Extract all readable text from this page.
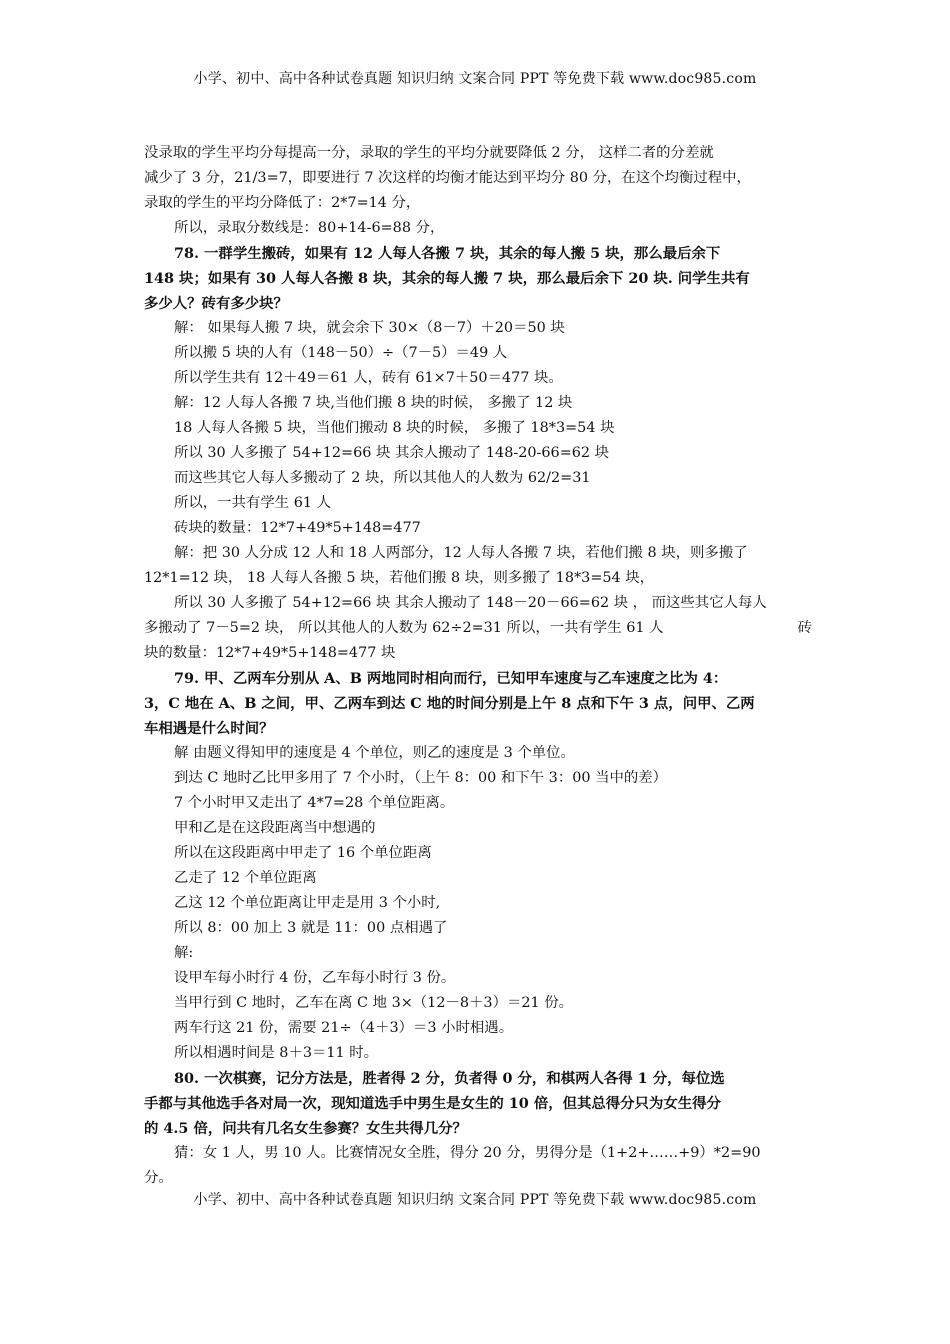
小学、初中、高中各种试卷真题 知识归纳 文案合同 PPT 等免费下载 www.doc985.com
没录取的学生平均分每提高一分，录取的学生的平均分就要降低 2 分， 这样二者的分差就
减少了 3 分，21/3=7，即要进行 7 次这样的均衡才能达到平均分 80 分，在这个均衡过程中，
录取的学生的平均分降低了：2*7=14 分，
所以，录取分数线是：80+14-6=88 分，
78. 一群学生搬砖，如果有 12 人每人各搬 7 块，其余的每人搬 5 块，那么最后余下
148 块；如果有 30 人每人各搬 8 块，其余的每人搬 7 块，那么最后余下 20 块. 问学生共有
多少人？砖有多少块？
解： 如果每人搬 7 块，就会余下 30×（8－7）＋20＝50 块
所以搬 5 块的人有（148－50）÷（7－5）＝49 人
所以学生共有 12＋49＝61 人，砖有 61×7＋50＝477 块。
解：12 人每人各搬 7 块,当他们搬 8 块的时候， 多搬了 12 块
18 人每人各搬 5 块，当他们搬动 8 块的时候， 多搬了 18*3=54 块
所以 30 人多搬了 54+12=66 块 其余人搬动了 148-20-66=62 块
而这些其它人每人多搬动了 2 块，所以其他人的人数为 62/2=31
所以，一共有学生 61 人
砖块的数量：12*7+49*5+148=477
解：把 30 人分成 12 人和 18 人两部分，12 人每人各搬 7 块，若他们搬 8 块，则多搬了
12*1=12 块， 18 人每人各搬 5 块，若他们搬 8 块，则多搬了 18*3=54 块，
所以 30 人多搬了 54+12=66 块 其余人搬动了 148－20－66=62 块 ， 而这些其它人每人
多搬动了 7－5=2 块， 所以其他人的人数为 62÷2=31 所以，一共有学生 61 人	砖
块的数量：12*7+49*5+148=477 块
79. 甲、乙两车分别从 A、B 两地同时相向而行，已知甲车速度与乙车速度之比为 4：
3，C 地在 A、B 之间，甲、乙两车到达 C 地的时间分别是上午 8 点和下午 3 点，问甲、乙两
车相遇是什么时间？
解 由题义得知甲的速度是 4 个单位，则乙的速度是 3 个单位。
到达 C 地时乙比甲多用了 7 个小时，（上午 8：00 和下午 3：00 当中的差）
7 个小时甲又走出了 4*7=28 个单位距离。
甲和乙是在这段距离当中想遇的
所以在这段距离中甲走了 16 个单位距离
乙走了 12 个单位距离
乙这 12 个单位距离让甲走是用 3 个小时,
所以 8：00 加上 3 就是 11：00 点相遇了
解:
设甲车每小时行 4 份，乙车每小时行 3 份。
当甲行到 C 地时，乙车在离 C 地 3×（12－8＋3）＝21 份。
两车行这 21 份，需要 21÷（4＋3）＝3 小时相遇。
所以相遇时间是 8＋3＝11 时。
80. 一次棋赛，记分方法是，胜者得 2 分，负者得 0 分，和棋两人各得 1 分，每位选
手都与其他选手各对局一次，现知道选手中男生是女生的 10 倍，但其总得分只为女生得分
的 4.5 倍，问共有几名女生参赛？女生共得几分？
猜：女 1 人，男 10 人。比赛情况女全胜，得分 20 分，男得分是（1+2+……+9）*2=90
分。
小学、初中、高中各种试卷真题 知识归纳 文案合同 PPT 等免费下载 www.doc985.com
